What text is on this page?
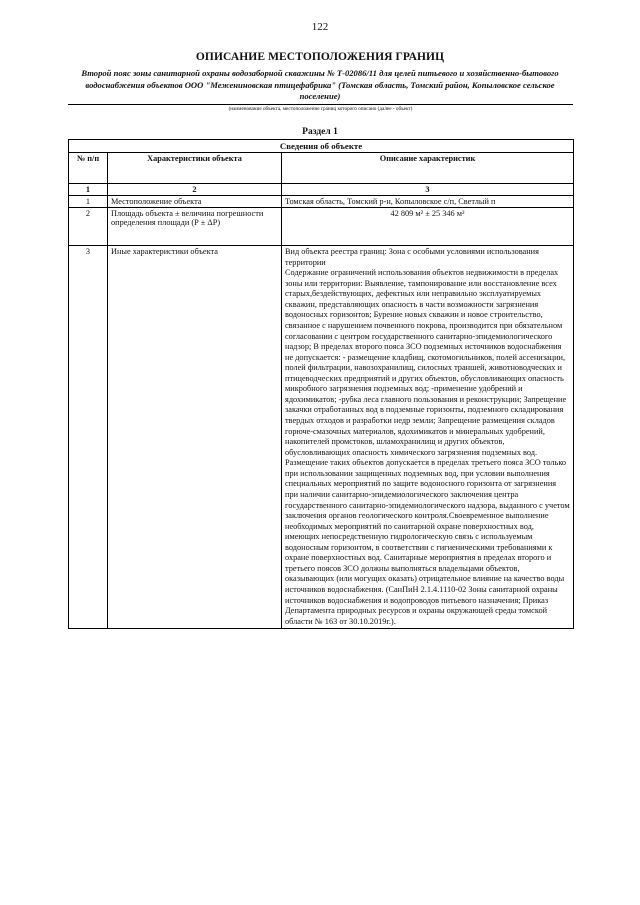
122
ОПИСАНИЕ МЕСТОПОЛОЖЕНИЯ ГРАНИЦ
Второй пояс зоны санитарной охраны водозаборной скважины № Т-02086/11 для целей питьевого и хозяйственно-бытового водоснабжения объектов ООО "Межениновская птицефабрика" (Томская область, Томский район, Копыловское сельское поселение)
(наименование объекта, местоположение границ которого описано (далее - объект)
Раздел 1
Сведения об объекте		
№ п/п	Характеристики объекта	Описание характеристик
1	2	3
1	Местоположение объекта	Томская область, Томский р-н, Копыловское с/п, Светлый п
2	Площадь объекта ± величина погрешности определения площади (Р ± ΔР)	42 809 м² ± 25 346 м²
3	Иные характеристики объекта	Вид объекта реестра границ: Зона с особыми условиями использования территории
Содержание ограничений использования объектов недвижимости в пределах зоны или территории: Выявление, тампонирование или восстановление всех старых,бездействующих, дефектных или неправильно эксплуатируемых скважин, представляющих опасность в части возможности загрязнения водоносных горизонтов; Бурение новых скважин и новое строительство, связанное с нарушением почвенного покрова, производится при обязательном согласовании с центром государственного санитарно-эпидемиологического надзор; В пределах второго пояса ЗСО подземных источников водоснабжения не допускается: - размещение кладбищ, скотомогильников, полей ассенизации, полей фильтрации, навозохранилищ, силосных траншей, животноводческих и птицеводческих предприятий и других объектов, обусловливающих опасность микробного загрязнения подземных вод; -применение удобрений и ядохимикатов; -рубка леса главного пользования и реконструкции; Запрещение закачки отработанных вод в подземные горизонты, подземного складирования твердых отходов и разработки недр земли; Запрещение размещения складов горюче-смазочных материалов, ядохимикатов и минеральных удобрений, накопителей промстоков, шламохранилищ и других объектов, обусловливающих опасность химического загрязнения подземных вод. Размещение таких объектов допускается в пределах третьего пояса ЗСО только при использовании защищенных подземных вод, при условии выполнения специальных мероприятий по защите водоносного горизонта от загрязнения при наличии санитарно-эпидемиологического заключения центра государственного санитарно-эпидемиологического надзора, выданного с учетом заключения органов геологического контроля.Своевременное выполнение необходимых мероприятий по санитарной охране поверхностных вод, имеющих непосредственную гидрологическую связь с используемым водоносным горизонтом, в соответствии с гигиеническими требованиями к охране поверхностных вод. Санитарные мероприятия в пределах второго и третьего поясов ЗСО должны выполняться владельцами объектов, оказывающих (или могущих оказать) отрицательное влияние на качество воды источников водоснабжения. (СанПиН 2.1.4.1110-02 Зоны санитарной охраны источников водоснабжения и водопроводов питьевого назначения; Приказ Департамента природных ресурсов и охраны окружающей среды томской области № 163 от 30.10.2019г.).
